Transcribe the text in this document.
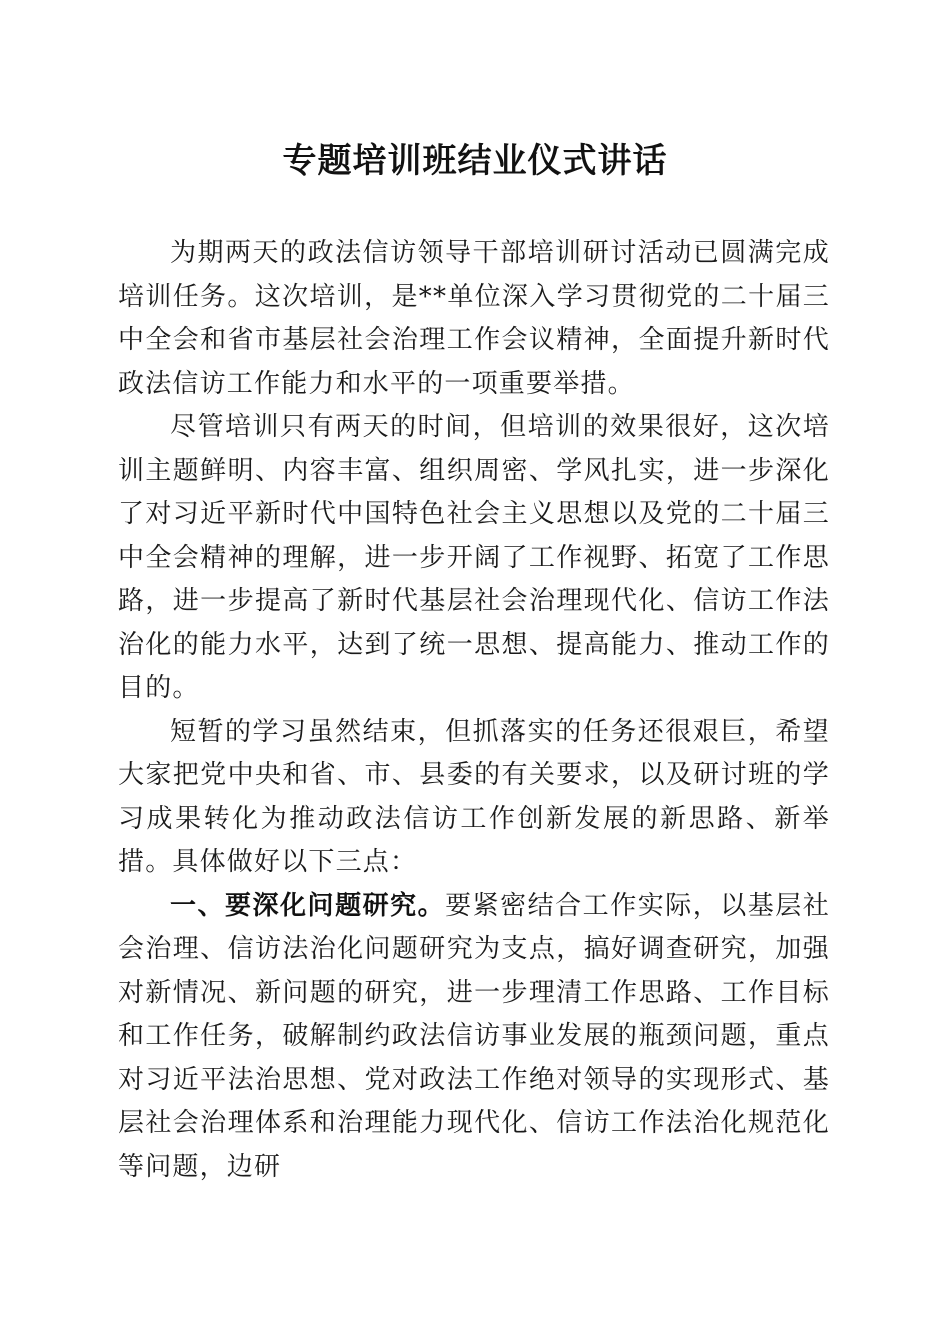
专题培训班结业仪式讲话

为期两天的政法信访领导干部培训研讨活动已圆满完成培训任务。这次培训，是**单位深入学习贯彻党的二十届三中全会和省市基层社会治理工作会议精神，全面提升新时代政法信访工作能力和水平的一项重要举措。

尽管培训只有两天的时间，但培训的效果很好，这次培训主题鲜明、内容丰富、组织周密、学风扎实，进一步深化了对习近平新时代中国特色社会主义思想以及党的二十届三中全会精神的理解，进一步开阔了工作视野、拓宽了工作思路，进一步提高了新时代基层社会治理现代化、信访工作法治化的能力水平，达到了统一思想、提高能力、推动工作的目的。

短暂的学习虽然结束，但抓落实的任务还很艰巨，希望大家把党中央和省、市、县委的有关要求，以及研讨班的学习成果转化为推动政法信访工作创新发展的新思路、新举措。具体做好以下三点：

一、要深化问题研究。要紧密结合工作实际，以基层社会治理、信访法治化问题研究为支点，搞好调查研究，加强对新情况、新问题的研究，进一步理清工作思路、工作目标和工作任务，破解制约政法信访事业发展的瓶颈问题，重点对习近平法治思想、党对政法工作绝对领导的实现形式、基层社会治理体系和治理能力现代化、信访工作法治化规范化等问题，边研
